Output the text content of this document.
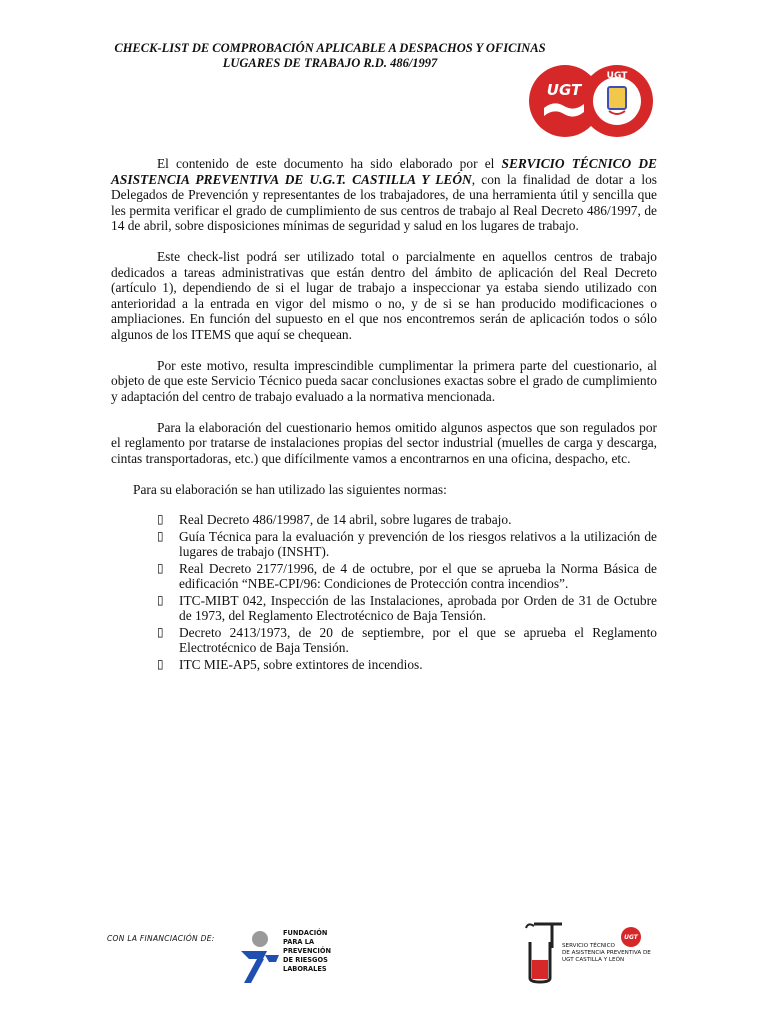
CHECK-LIST DE COMPROBACIÓN APLICABLE A DESPACHOS Y OFICINAS
LUGARES DE TRABAJO R.D. 486/1997
UGT
UGT

El contenido de este documento ha sido elaborado por el SERVICIO TÉCNICO DE ASISTENCIA PREVENTIVA DE U.G.T. CASTILLA Y LEÓN, con la finalidad de dotar a los Delegados de Prevención y representantes de los trabajadores, de una herramienta útil y sencilla que les permita verificar el grado de cumplimiento de sus centros de trabajo al Real Decreto 486/1997, de 14 de abril, sobre disposiciones mínimas de seguridad y salud en los lugares de trabajo.

Este check-list podrá ser utilizado total o parcialmente en aquellos centros de trabajo dedicados a tareas administrativas que están dentro del ámbito de aplicación del Real Decreto (artículo 1), dependiendo de si el lugar de trabajo a inspeccionar ya estaba siendo utilizado con anterioridad a la entrada en vigor del mismo o no, y de si se han producido modificaciones o ampliaciones. En función del supuesto en el que nos encontremos serán de aplicación todos o sólo algunos de los ITEMS que aquí se chequean.

Por este motivo, resulta imprescindible cumplimentar la primera parte del cuestionario, al objeto de que este Servicio Técnico pueda sacar conclusiones exactas sobre el grado de cumplimiento y adaptación del centro de trabajo evaluado a la normativa mencionada.

Para la elaboración del cuestionario hemos omitido algunos aspectos que son regulados por el reglamento por tratarse de instalaciones propias del sector industrial (muelles de carga y descarga, cintas transportadoras, etc.) que difícilmente vamos a encontrarnos en una oficina, despacho, etc.

Para su elaboración se han utilizado las siguientes normas:

▯ Real Decreto 486/19987, de 14 abril, sobre lugares de trabajo.
▯ Guía Técnica para la evaluación y prevención de los riesgos relativos a la utilización de lugares de trabajo (INSHT).
▯ Real Decreto 2177/1996, de 4 de octubre, por el que se aprueba la Norma Básica de edificación “NBE-CPI/96: Condiciones de Protección contra incendios”.
▯ ITC-MIBT 042, Inspección de las Instalaciones, aprobada por Orden de 31 de Octubre de 1973, del Reglamento Electrotécnico de Baja Tensión.
▯ Decreto 2413/1973, de 20 de septiembre, por el que se aprueba el Reglamento Electrotécnico de Baja Tensión.
▯ ITC MIE-AP5, sobre extintores de incendios.
CON LA FINANCIACIÓN DE:
FUNDACIÓN
PARA LA
PREVENCIÓN
DE RIESGOS
LABORALES
UGT
SERVICIO TÉCNICO
DE ASISTENCIA PREVENTIVA DE
UGT CASTILLA Y LEÓN
